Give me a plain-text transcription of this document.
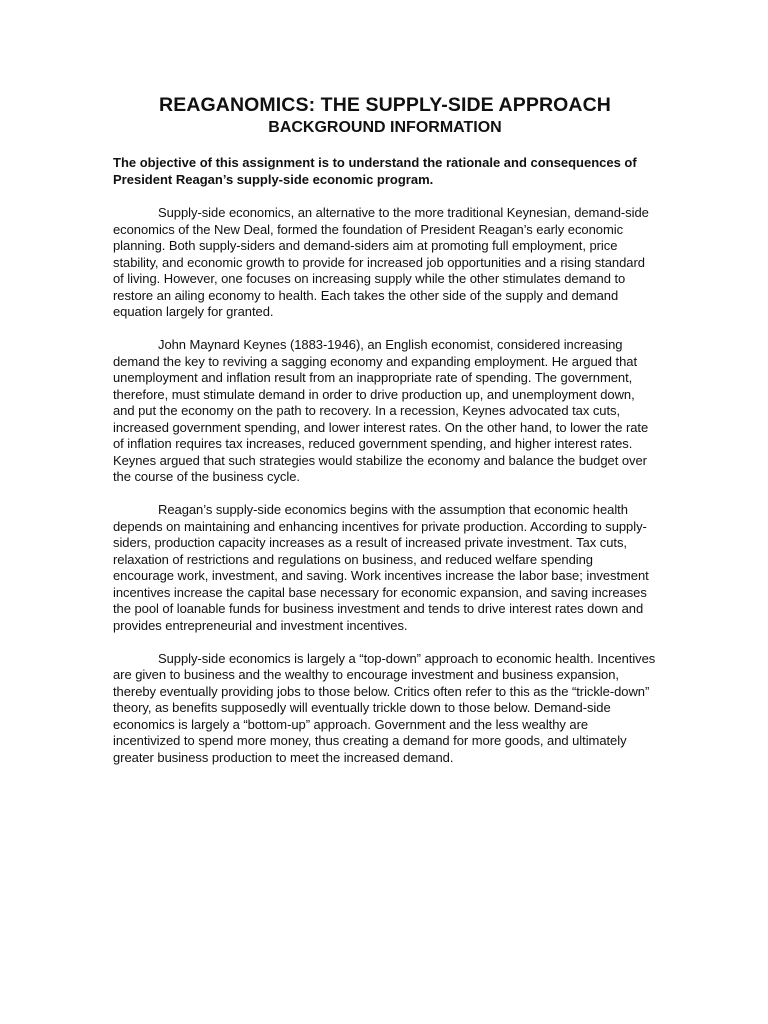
REAGANOMICS: THE SUPPLY-SIDE APPROACH
BACKGROUND INFORMATION

The objective of this assignment is to understand the rationale and consequences of President Reagan’s supply-side economic program.

Supply-side economics, an alternative to the more traditional Keynesian, demand-side economics of the New Deal, formed the foundation of President Reagan’s early economic planning. Both supply-siders and demand-siders aim at promoting full employment, price stability, and economic growth to provide for increased job opportunities and a rising standard of living. However, one focuses on increasing supply while the other stimulates demand to restore an ailing economy to health. Each takes the other side of the supply and demand equation largely for granted.

John Maynard Keynes (1883-1946), an English economist, considered increasing demand the key to reviving a sagging economy and expanding employment. He argued that unemployment and inflation result from an inappropriate rate of spending. The government, therefore, must stimulate demand in order to drive production up, and unemployment down, and put the economy on the path to recovery. In a recession, Keynes advocated tax cuts, increased government spending, and lower interest rates. On the other hand, to lower the rate of inflation requires tax increases, reduced government spending, and higher interest rates. Keynes argued that such strategies would stabilize the economy and balance the budget over the course of the business cycle.

Reagan’s supply-side economics begins with the assumption that economic health depends on maintaining and enhancing incentives for private production. According to supply-siders, production capacity increases as a result of increased private investment. Tax cuts, relaxation of restrictions and regulations on business, and reduced welfare spending encourage work, investment, and saving. Work incentives increase the labor base; investment incentives increase the capital base necessary for economic expansion, and saving increases the pool of loanable funds for business investment and tends to drive interest rates down and provides entrepreneurial and investment incentives.

Supply-side economics is largely a “top-down” approach to economic health. Incentives are given to business and the wealthy to encourage investment and business expansion, thereby eventually providing jobs to those below. Critics often refer to this as the “trickle-down” theory, as benefits supposedly will eventually trickle down to those below. Demand-side economics is largely a “bottom-up” approach. Government and the less wealthy are incentivized to spend more money, thus creating a demand for more goods, and ultimately greater business production to meet the increased demand.
